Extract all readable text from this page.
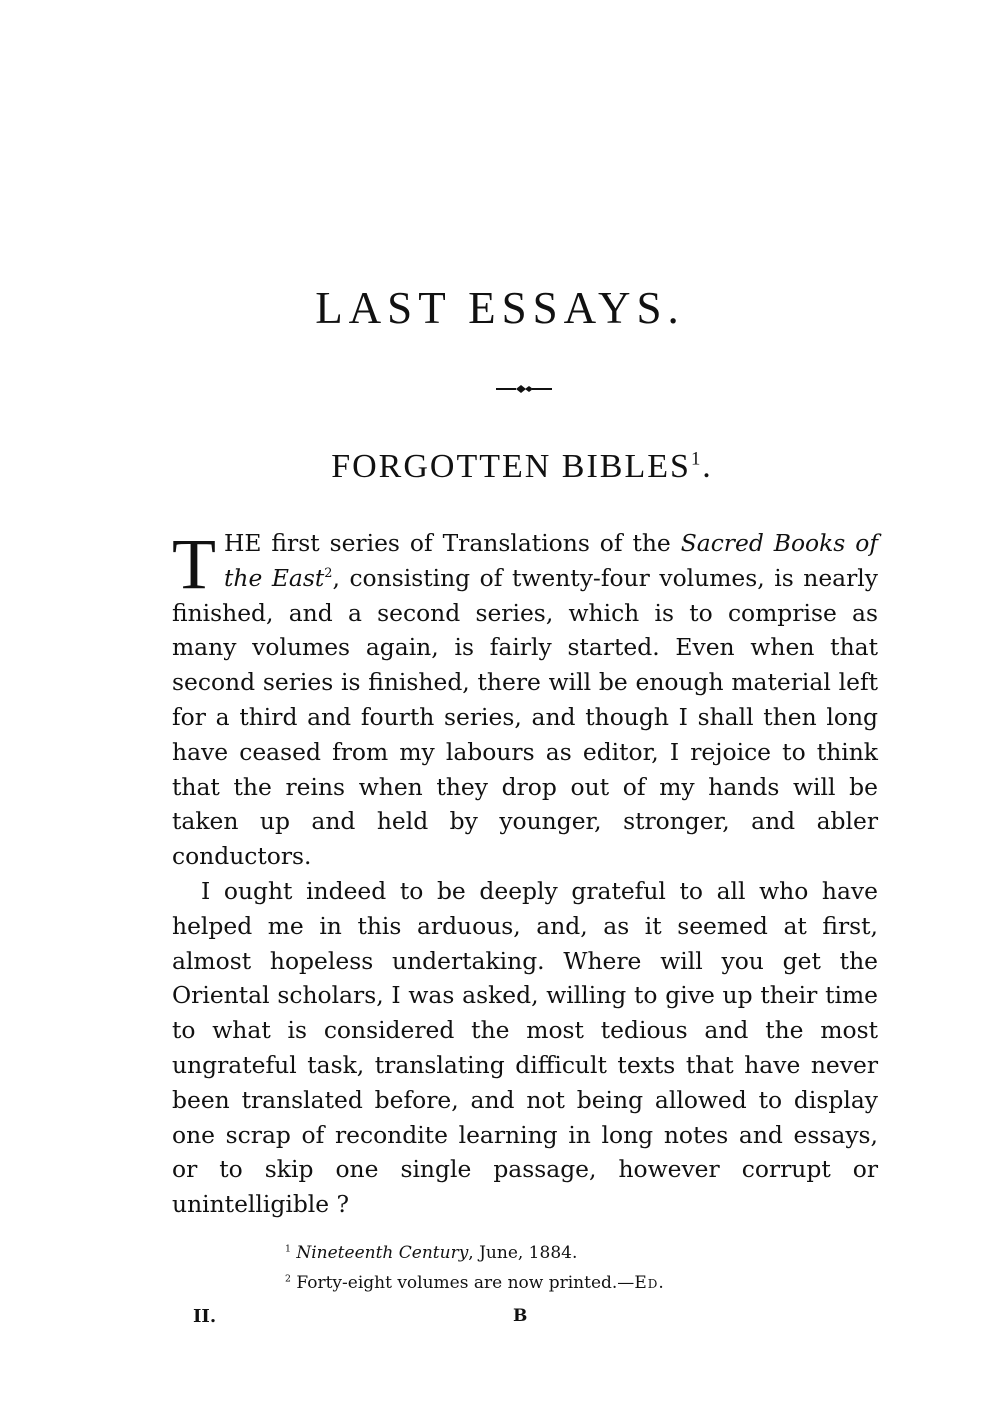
LAST ESSAYS.
FORGOTTEN BIBLES$^1$.

THE first series of Translations of the Sacred Books of the East$^2$, consisting of twenty-four volumes, is nearly finished, and a second series, which is to comprise as many volumes again, is fairly started. Even when that second series is finished, there will be enough material left for a third and fourth series, and though I shall then long have ceased from my labours as editor, I rejoice to think that the reins when they drop out of my hands will be taken up and held by younger, stronger, and abler conductors.

I ought indeed to be deeply grateful to all who have helped me in this arduous, and, as it seemed at first, almost hopeless undertaking. Where will you get the Oriental scholars, I was asked, willing to give up their time to what is considered the most tedious and the most ungrateful task, translating difficult texts that have never been translated before, and not being allowed to display one scrap of recondite learning in long notes and essays, or to skip one single passage, however corrupt or unintelligible ?

$^1$ Nineteenth Century, June, 1884.

$^2$ Forty-eight volumes are now printed.—Ed.

II.	B
